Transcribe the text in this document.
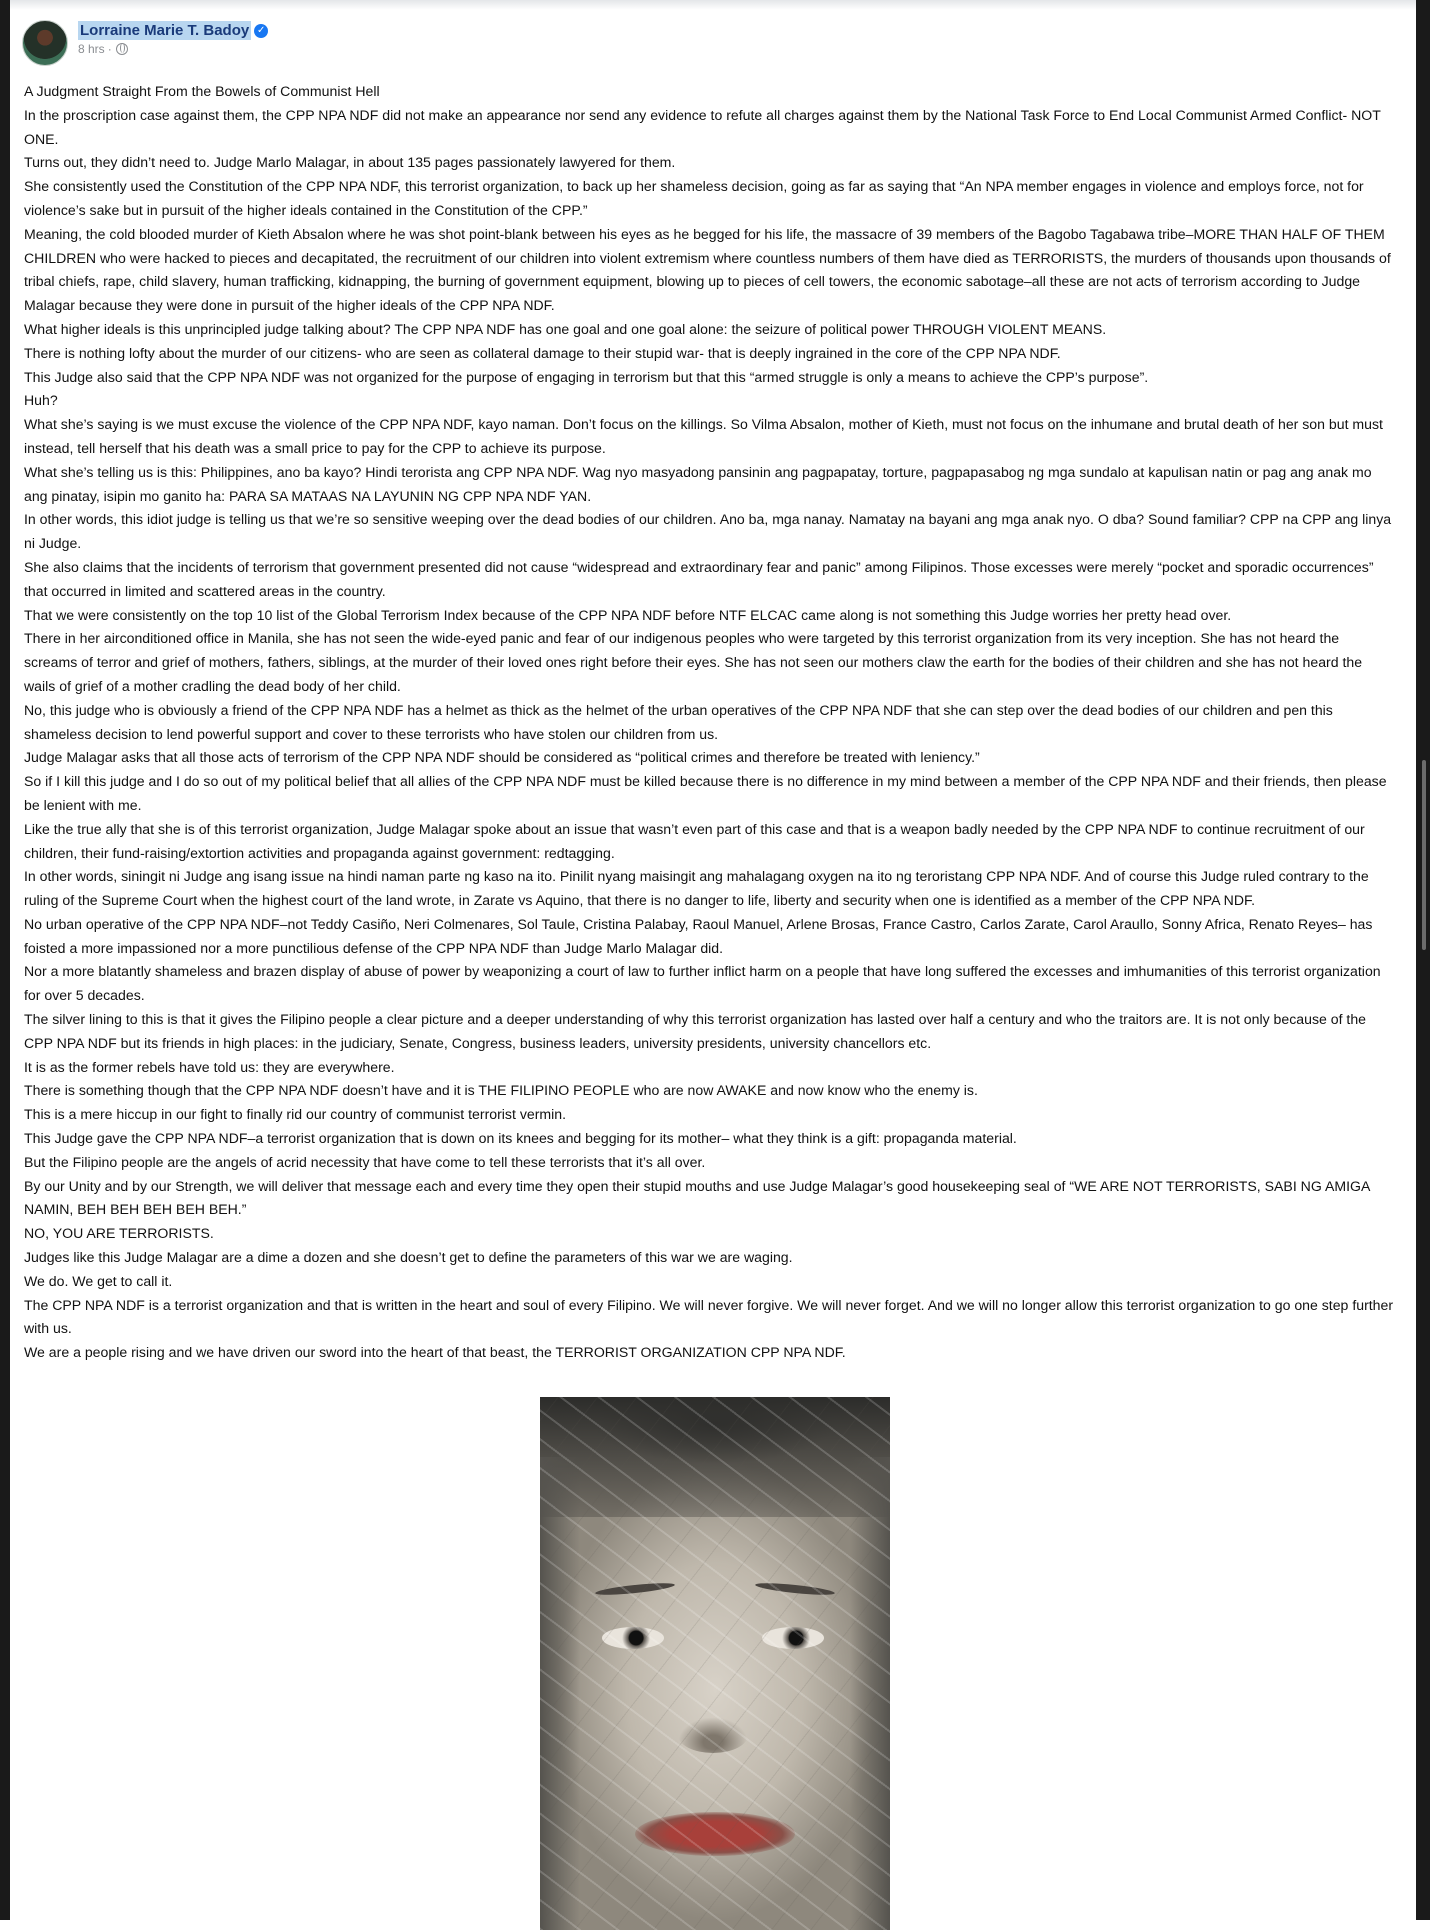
Lorraine Marie T. Badoy ✓
8 hrs ·

A Judgment Straight From the Bowels of Communist Hell

In the proscription case against them, the CPP NPA NDF did not make an appearance nor send any evidence to refute all charges against them by the National Task Force to End Local Communist Armed Conflict- NOT ONE.

Turns out, they didn’t need to. Judge Marlo Malagar, in about 135 pages passionately lawyered for them.

She consistently used the Constitution of the CPP NPA NDF, this terrorist organization, to back up her shameless decision, going as far as saying that “An NPA member engages in violence and employs force, not for violence’s sake but in pursuit of the higher ideals contained in the Constitution of the CPP.”

Meaning, the cold blooded murder of Kieth Absalon where he was shot point-blank between his eyes as he begged for his life, the massacre of 39 members of the Bagobo Tagabawa tribe–MORE THAN HALF OF THEM CHILDREN who were hacked to pieces and decapitated, the recruitment of our children into violent extremism where countless numbers of them have died as TERRORISTS, the murders of thousands upon thousands of tribal chiefs, rape, child slavery, human trafficking, kidnapping, the burning of government equipment, blowing up to pieces of cell towers, the economic sabotage–all these are not acts of terrorism according to Judge Malagar because they were done in pursuit of the higher ideals of the CPP NPA NDF.

What higher ideals is this unprincipled judge talking about? The CPP NPA NDF has one goal and one goal alone: the seizure of political power THROUGH VIOLENT MEANS.

There is nothing lofty about the murder of our citizens- who are seen as collateral damage to their stupid war- that is deeply ingrained in the core of the CPP NPA NDF.

This Judge also said that the CPP NPA NDF was not organized for the purpose of engaging in terrorism but that this “armed struggle is only a means to achieve the CPP’s purpose”.

Huh?

What she’s saying is we must excuse the violence of the CPP NPA NDF, kayo naman. Don’t focus on the killings. So Vilma Absalon, mother of Kieth, must not focus on the inhumane and brutal death of her son but must instead, tell herself that his death was a small price to pay for the CPP to achieve its purpose.

What she’s telling us is this: Philippines, ano ba kayo? Hindi terorista ang CPP NPA NDF. Wag nyo masyadong pansinin ang pagpapatay, torture, pagpapasabog ng mga sundalo at kapulisan natin or pag ang anak mo ang pinatay, isipin mo ganito ha: PARA SA MATAAS NA LAYUNIN NG CPP NPA NDF YAN.

In other words, this idiot judge is telling us that we’re so sensitive weeping over the dead bodies of our children. Ano ba, mga nanay. Namatay na bayani ang mga anak nyo. O dba? Sound familiar? CPP na CPP ang linya ni Judge.

She also claims that the incidents of terrorism that government presented did not cause “widespread and extraordinary fear and panic” among Filipinos. Those excesses were merely “pocket and sporadic occurrences” that occurred in limited and scattered areas in the country.

That we were consistently on the top 10 list of the Global Terrorism Index because of the CPP NPA NDF before NTF ELCAC came along is not something this Judge worries her pretty head over.

There in her airconditioned office in Manila, she has not seen the wide-eyed panic and fear of our indigenous peoples who were targeted by this terrorist organization from its very inception. She has not heard the screams of terror and grief of mothers, fathers, siblings, at the murder of their loved ones right before their eyes. She has not seen our mothers claw the earth for the bodies of their children and she has not heard the wails of grief of a mother cradling the dead body of her child.

No, this judge who is obviously a friend of the CPP NPA NDF has a helmet as thick as the helmet of the urban operatives of the CPP NPA NDF that she can step over the dead bodies of our children and pen this shameless decision to lend powerful support and cover to these terrorists who have stolen our children from us.

Judge Malagar asks that all those acts of terrorism of the CPP NPA NDF should be considered as “political crimes and therefore be treated with leniency.”

So if I kill this judge and I do so out of my political belief that all allies of the CPP NPA NDF must be killed because there is no difference in my mind between a member of the CPP NPA NDF and their friends, then please be lenient with me.

Like the true ally that she is of this terrorist organization, Judge Malagar spoke about an issue that wasn’t even part of this case and that is a weapon badly needed by the CPP NPA NDF to continue recruitment of our children, their fund-raising/extortion activities and propaganda against government: redtagging.

In other words, siningit ni Judge ang isang issue na hindi naman parte ng kaso na ito. Pinilit nyang maisingit ang mahalagang oxygen na ito ng teroristang CPP NPA NDF. And of course this Judge ruled contrary to the ruling of the Supreme Court when the highest court of the land wrote, in Zarate vs Aquino, that there is no danger to life, liberty and security when one is identified as a member of the CPP NPA NDF.

No urban operative of the CPP NPA NDF–not Teddy Casiño, Neri Colmenares, Sol Taule, Cristina Palabay, Raoul Manuel, Arlene Brosas, France Castro, Carlos Zarate, Carol Araullo, Sonny Africa, Renato Reyes– has foisted a more impassioned nor a more punctilious defense of the CPP NPA NDF than Judge Marlo Malagar did.

Nor a more blatantly shameless and brazen display of abuse of power by weaponizing a court of law to further inflict harm on a people that have long suffered the excesses and imhumanities of this terrorist organization for over 5 decades.

The silver lining to this is that it gives the Filipino people a clear picture and a deeper understanding of why this terrorist organization has lasted over half a century and who the traitors are. It is not only because of the CPP NPA NDF but its friends in high places: in the judiciary, Senate, Congress, business leaders, university presidents, university chancellors etc.

It is as the former rebels have told us: they are everywhere.

There is something though that the CPP NPA NDF doesn’t have and it is THE FILIPINO PEOPLE who are now AWAKE and now know who the enemy is.

This is a mere hiccup in our fight to finally rid our country of communist terrorist vermin.

This Judge gave the CPP NPA NDF–a terrorist organization that is down on its knees and begging for its mother– what they think is a gift: propaganda material.

But the Filipino people are the angels of acrid necessity that have come to tell these terrorists that it’s all over.

By our Unity and by our Strength, we will deliver that message each and every time they open their stupid mouths and use Judge Malagar’s good housekeeping seal of “WE ARE NOT TERRORISTS, SABI NG AMIGA NAMIN, BEH BEH BEH BEH BEH.”

NO, YOU ARE TERRORISTS.

Judges like this Judge Malagar are a dime a dozen and she doesn’t get to define the parameters of this war we are waging.

We do. We get to call it.

The CPP NPA NDF is a terrorist organization and that is written in the heart and soul of every Filipino. We will never forgive. We will never forget. And we will no longer allow this terrorist organization to go one step further with us.

We are a people rising and we have driven our sword into the heart of that beast, the TERRORIST ORGANIZATION CPP NPA NDF.
